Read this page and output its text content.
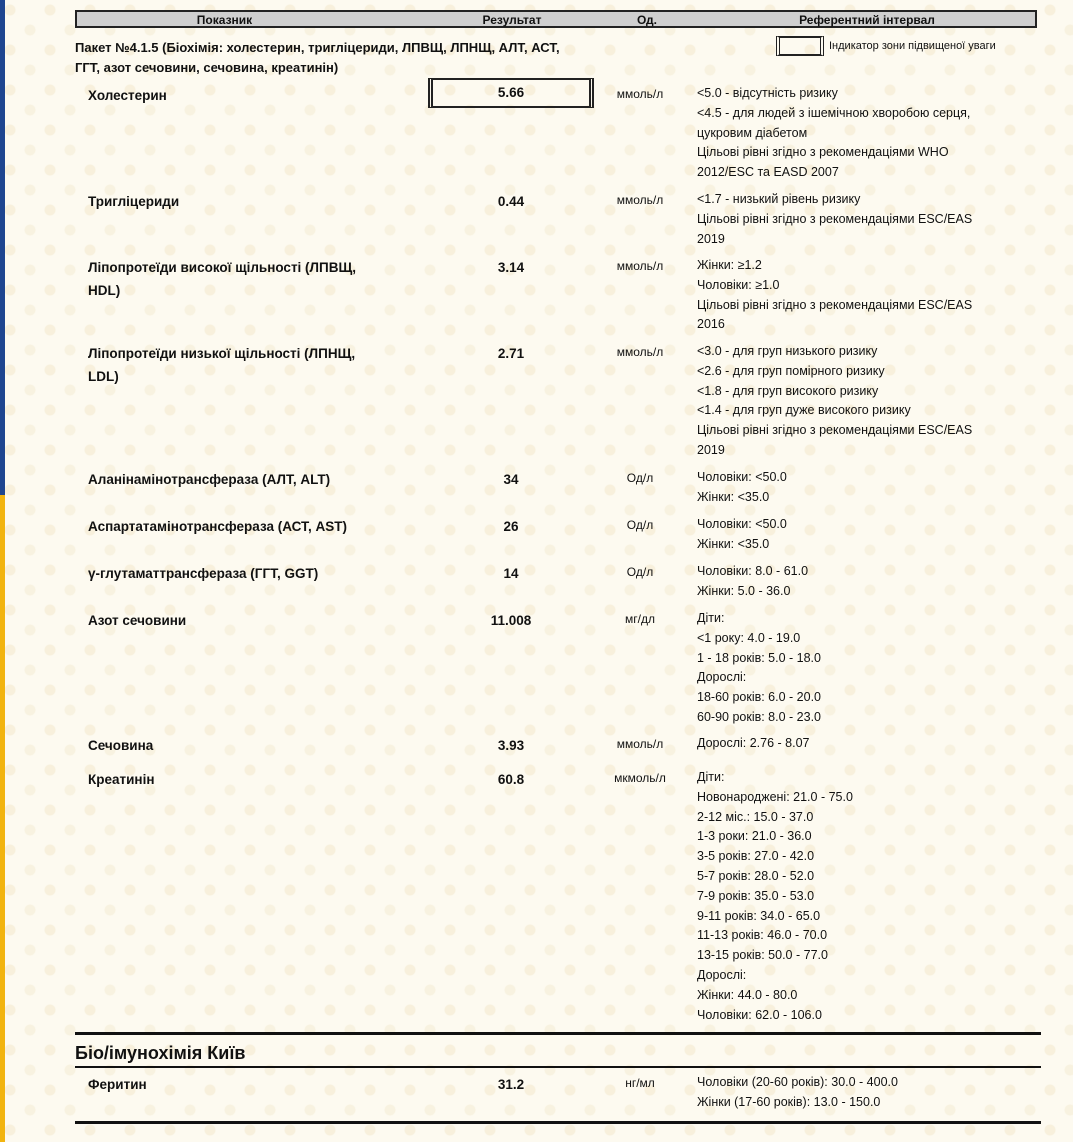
Показник	Результат	Од.	Референтний інтервал
Пакет №4.1.5 (Біохімія: холестерин, тригліцериди, ЛПВЩ, ЛПНЩ, АЛТ, АСТ,
ГГТ, азот сечовини, сечовина, креатинін)
Індикатор зони підвищеної уваги
Холестерин	5.66	ммоль/л	<5.0 - відсутність ризику
<4.5 - для людей з ішемічною хворобою серця,
цукровим діабетом
Цільові рівні згідно з рекомендаціями WHO
2012/ESC та EASD 2007
Тригліцериди	0.44	ммоль/л	<1.7 - низький рівень ризику
Цільові рівні згідно з рекомендаціями ESC/EAS
2019
Ліпопротеїди високої щільності (ЛПВЩ,
HDL)
3.14	ммоль/л	Жінки: ≥1.2
Чоловіки: ≥1.0
Цільові рівні згідно з рекомендаціями ESC/EAS
2016
Ліпопротеїди низької щільності (ЛПНЩ,
LDL)
2.71	ммоль/л	<3.0 - для груп низького ризику
<2.6 - для груп помірного ризику
<1.8 - для груп високого ризику
<1.4 - для груп дуже високого ризику
Цільові рівні згідно з рекомендаціями ESC/EAS
2019
Аланінамінотрансфераза (АЛТ, ALT)	34	Од/л	Чоловіки: <50.0
Жінки: <35.0
Аспартатамінотрансфераза (АСТ, AST)	26	Од/л	Чоловіки: <50.0
Жінки: <35.0
γ-глутаматтрансфераза (ГГТ, GGT)	14	Од/л	Чоловіки: 8.0 - 61.0
Жінки: 5.0 - 36.0
Азот сечовини	11.008	мг/дл	Діти:
<1 року: 4.0 - 19.0
1 - 18 років: 5.0 - 18.0
Дорослі:
18-60 років: 6.0 - 20.0
60-90 років: 8.0 - 23.0
Сечовина	3.93	ммоль/л	Дорослі: 2.76 - 8.07
Креатинін	60.8	мкмоль/л	Діти:
Новонароджені: 21.0 - 75.0
2-12 міс.: 15.0 - 37.0
1-3 роки: 21.0 - 36.0
3-5 років: 27.0 - 42.0
5-7 років: 28.0 - 52.0
7-9 років: 35.0 - 53.0
9-11 років: 34.0 - 65.0
11-13 років: 46.0 - 70.0
13-15 років: 50.0 - 77.0
Дорослі:
Жінки: 44.0 - 80.0
Чоловіки: 62.0 - 106.0
Біо/імунохімія Київ
Феритин	31.2	нг/мл	Чоловіки (20-60 років): 30.0 - 400.0
Жінки (17-60 років): 13.0 - 150.0
